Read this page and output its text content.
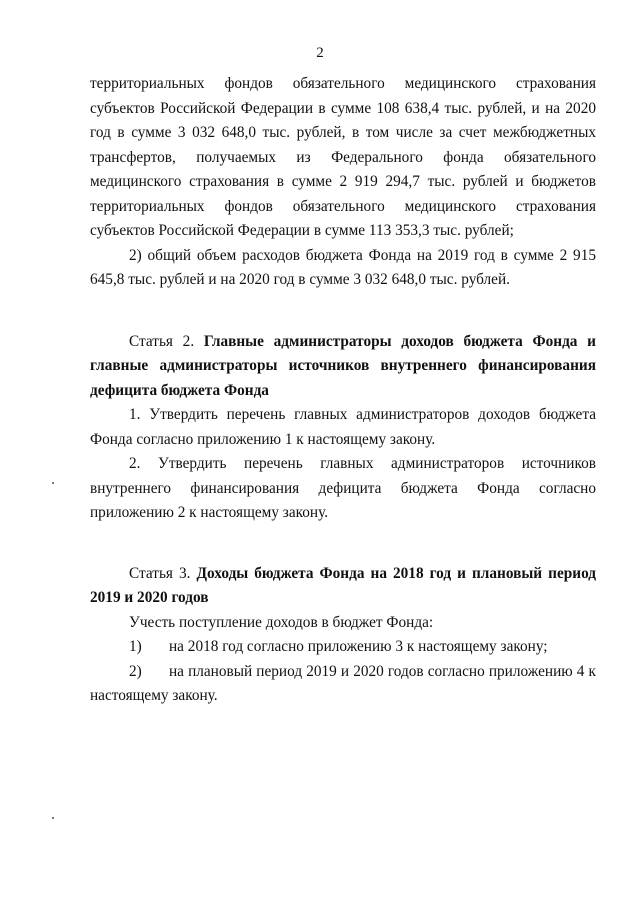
2

территориальных фондов обязательного медицинского страхования субъектов Российской Федерации в сумме 108 638,4 тыс. рублей, и на 2020 год в сумме 3 032 648,0 тыс. рублей, в том числе за счет межбюджетных трансфертов, получаемых из Федерального фонда обязательного медицинского страхования в сумме 2 919 294,7 тыс. рублей и бюджетов территориальных фондов обязательного медицинского страхования субъектов Российской Федерации в сумме 113 353,3 тыс. рублей;

2) общий объем расходов бюджета Фонда на 2019 год в сумме 2 915 645,8 тыс. рублей и на 2020 год в сумме 3 032 648,0 тыс. рублей.

Статья 2. Главные администраторы доходов бюджета Фонда и главные администраторы источников внутреннего финансирования дефицита бюджета Фонда

1. Утвердить перечень главных администраторов доходов бюджета Фонда согласно приложению 1 к настоящему закону.

2. Утвердить перечень главных администраторов источников внутреннего финансирования дефицита бюджета Фонда согласно приложению 2 к настоящему закону.

Статья 3. Доходы бюджета Фонда на 2018 год и плановый период 2019 и 2020 годов

Учесть поступление доходов в бюджет Фонда:

1) на 2018 год согласно приложению 3 к настоящему закону;

2) на плановый период 2019 и 2020 годов согласно приложению 4 к настоящему закону.
